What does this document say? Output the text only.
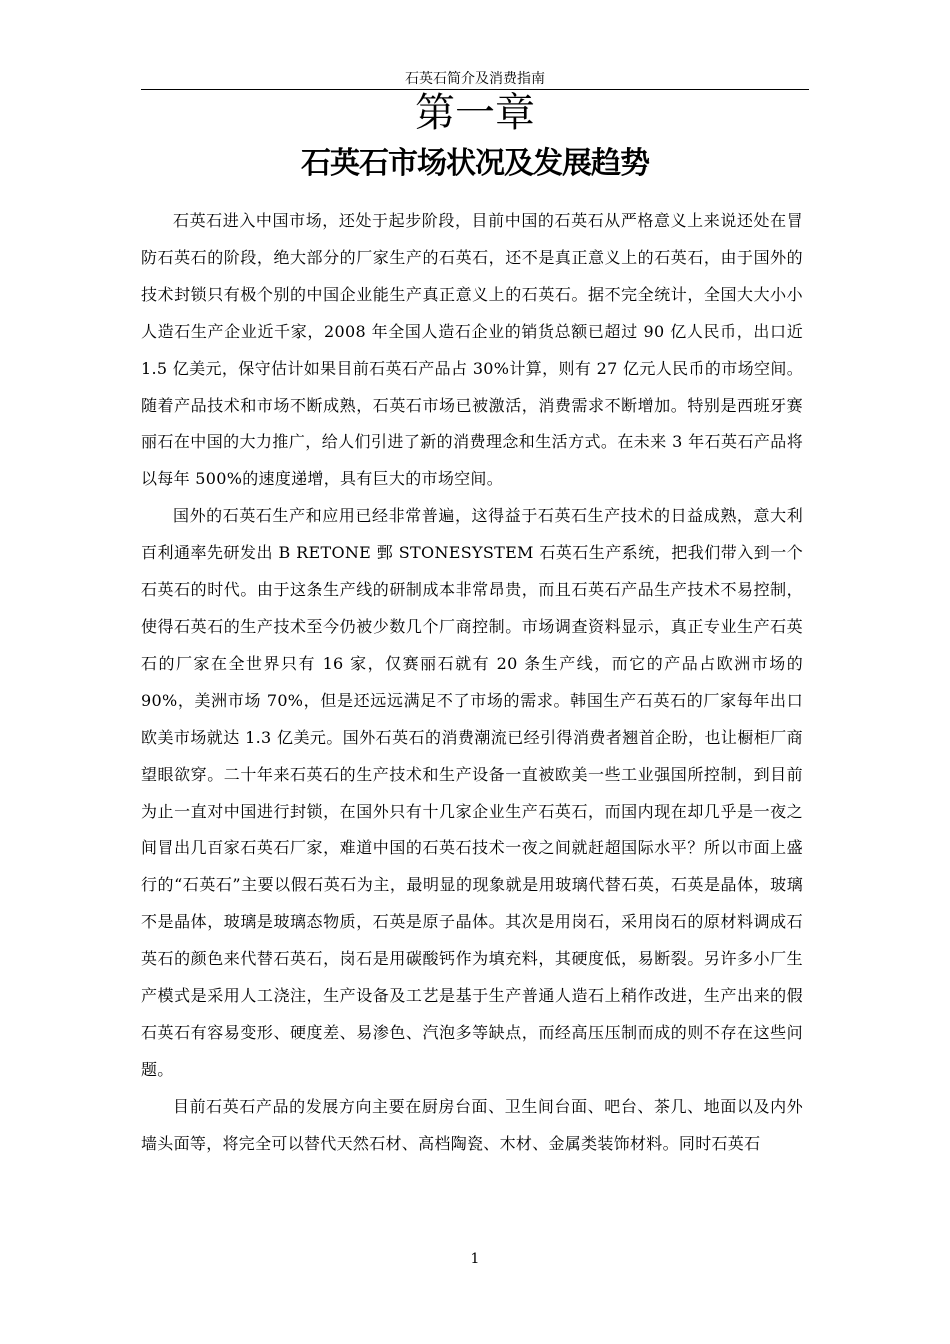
石英石简介及消费指南
第一章
石英石市场状况及发展趋势

石英石进入中国市场，还处于起步阶段，目前中国的石英石从严格意义上来说还处在冒防石英石的阶段，绝大部分的厂家生产的石英石，还不是真正意义上的石英石，由于国外的技术封锁只有极个别的中国企业能生产真正意义上的石英石。据不完全统计，全国大大小小人造石生产企业近千家，2008 年全国人造石企业的销货总额已超过 90 亿人民币，出口近 1.5 亿美元，保守估计如果目前石英石产品占 30%计算，则有 27 亿元人民币的市场空间。随着产品技术和市场不断成熟，石英石市场已被激活，消费需求不断增加。特别是西班牙赛丽石在中国的大力推广，给人们引进了新的消费理念和生活方式。在未来 3 年石英石产品将以每年 500%的速度递增，具有巨大的市场空间。

国外的石英石生产和应用已经非常普遍，这得益于石英石生产技术的日益成熟，意大利百利通率先研发出 B RETONE 鄄 STONESYSTEM 石英石生产系统，把我们带入到一个石英石的时代。由于这条生产线的研制成本非常昂贵，而且石英石产品生产技术不易控制，使得石英石的生产技术至今仍被少数几个厂商控制。市场调查资料显示，真正专业生产石英石的厂家在全世界只有 16 家，仅赛丽石就有 20 条生产线，而它的产品占欧洲市场的 90%，美洲市场 70%，但是还远远满足不了市场的需求。韩国生产石英石的厂家每年出口欧美市场就达 1.3 亿美元。国外石英石的消费潮流已经引得消费者翘首企盼，也让橱柜厂商望眼欲穿。二十年来石英石的生产技术和生产设备一直被欧美一些工业强国所控制，到目前为止一直对中国进行封锁，在国外只有十几家企业生产石英石，而国内现在却几乎是一夜之间冒出几百家石英石厂家，难道中国的石英石技术一夜之间就赶超国际水平？所以市面上盛行的“石英石”主要以假石英石为主，最明显的现象就是用玻璃代替石英，石英是晶体，玻璃不是晶体，玻璃是玻璃态物质，石英是原子晶体。其次是用岗石，采用岗石的原材料调成石英石的颜色来代替石英石，岗石是用碳酸钙作为填充料，其硬度低，易断裂。另许多小厂生产模式是采用人工浇注，生产设备及工艺是基于生产普通人造石上稍作改进，生产出来的假石英石有容易变形、硬度差、易渗色、汽泡多等缺点，而经高压压制而成的则不存在这些问题。

目前石英石产品的发展方向主要在厨房台面、卫生间台面、吧台、茶几、地面以及内外墙头面等，将完全可以替代天然石材、高档陶瓷、木材、金属类装饰材料。同时石英石

1
